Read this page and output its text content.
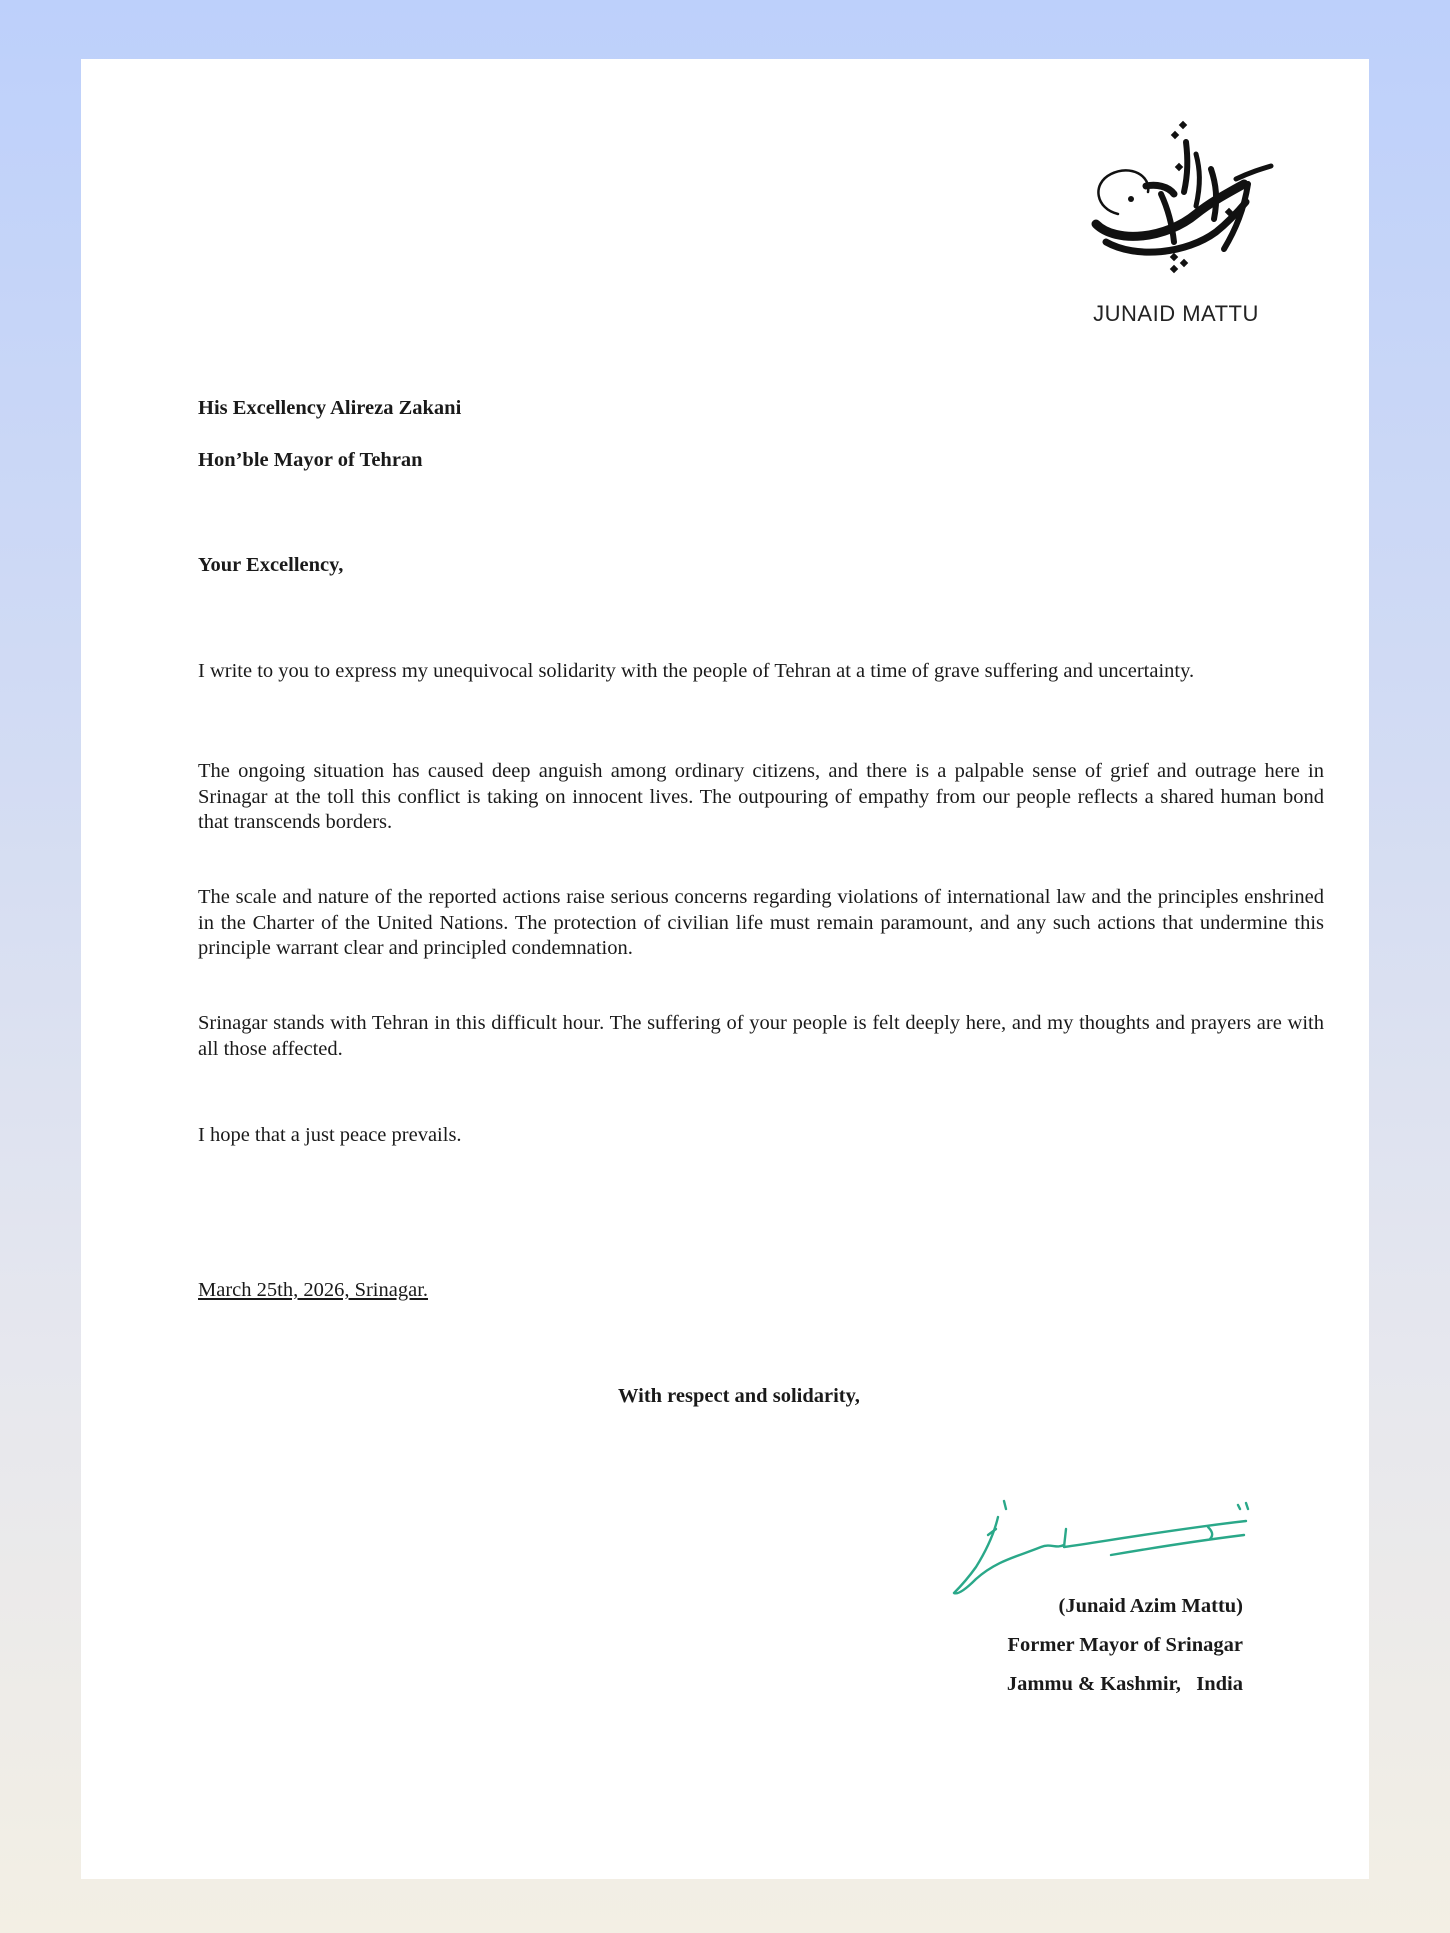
JUNAID MATTU
His Excellency Alireza Zakani
Hon’ble Mayor of Tehran
Your Excellency,
I write to you to express my unequivocal solidarity with the people of Tehran at a time of grave suffering and uncertainty.
The ongoing situation has caused deep anguish among ordinary citizens, and there is a palpable sense of grief and outrage here in Srinagar at the toll this conflict is taking on innocent lives. The outpouring of empathy from our people reflects a shared human bond that transcends borders.
The scale and nature of the reported actions raise serious concerns regarding violations of international law and the principles enshrined in the Charter of the United Nations. The protection of civilian life must remain paramount, and any such actions that undermine this principle warrant clear and principled condemnation.
Srinagar stands with Tehran in this difficult hour. The suffering of your people is felt deeply here, and my thoughts and prayers are with all those affected.
I hope that a just peace prevails.
March 25th, 2026, Srinagar.
With respect and solidarity,
(Junaid Azim Mattu)
Former Mayor of Srinagar
Jammu & Kashmir,   India
